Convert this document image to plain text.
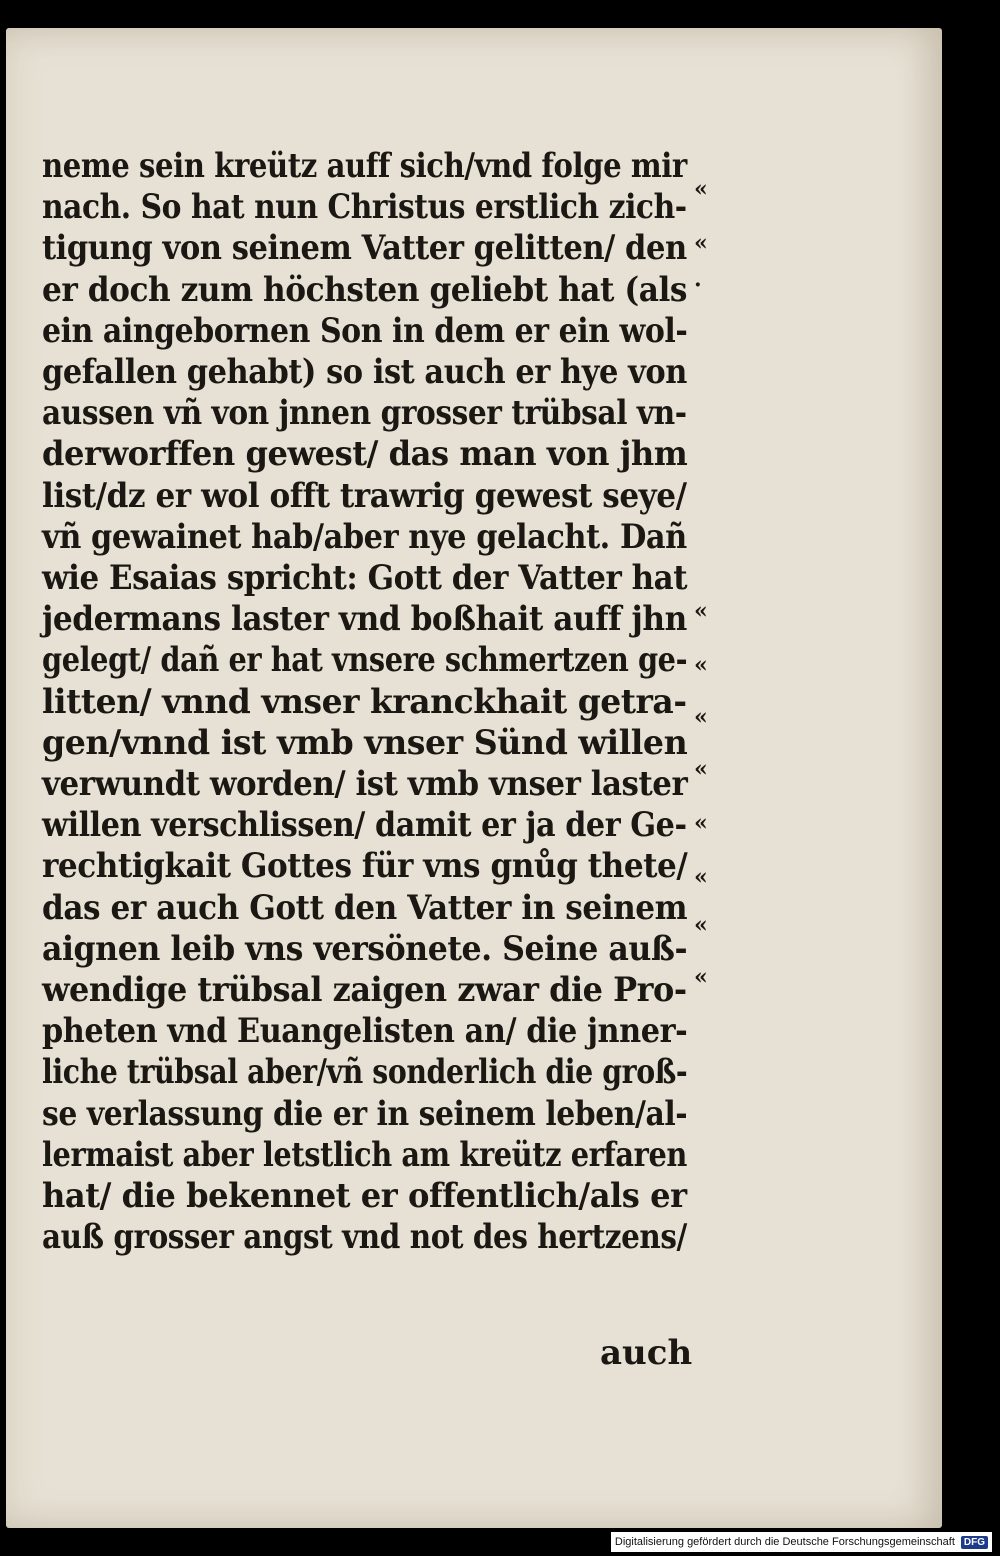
neme sein kreütz auff sich/vnd folge mir
nach. So hat nun Christus erstlich zich-
tigung von seinem Vatter gelitten/ den
er doch zum höchsten geliebt hat (als
ein aingebornen Son in dem er ein wol-
gefallen gehabt) so ist auch er hye von
aussen vñ von jnnen grosser trübsal vn-
derworffen gewest/ das man von jhm
list/dz er wol offt trawrig gewest seye/
vñ gewainet hab/aber nye gelacht. Dañ
wie Esaias spricht: Gott der Vatter hat
jedermans laster vnd boßhait auff jhn
gelegt/ dañ er hat vnsere schmertzen ge-
litten/ vnnd vnser kranckhait getra-
gen/vnnd ist vmb vnser Sünd willen
verwundt worden/ ist vmb vnser laster
willen verschlissen/ damit er ja der Ge-
rechtigkait Gottes für vns gnůg thete/
das er auch Gott den Vatter in seinem
aignen leib vns versönete. Seine auß-
wendige trübsal zaigen zwar die Pro-
pheten vnd Euangelisten an/ die jnner-
liche trübsal aber/vñ sonderlich die groß-
se verlassung die er in seinem leben/al-
lermaist aber letstlich am kreütz erfaren
hat/ die bekennet er offentlich/als er
auß grosser angst vnd not des hertzens/
«
«
·
«
«
«
«
«
«
«
«
auch
Digitalisierung gefördert durch die Deutsche Forschungsgemeinschaft DFG
